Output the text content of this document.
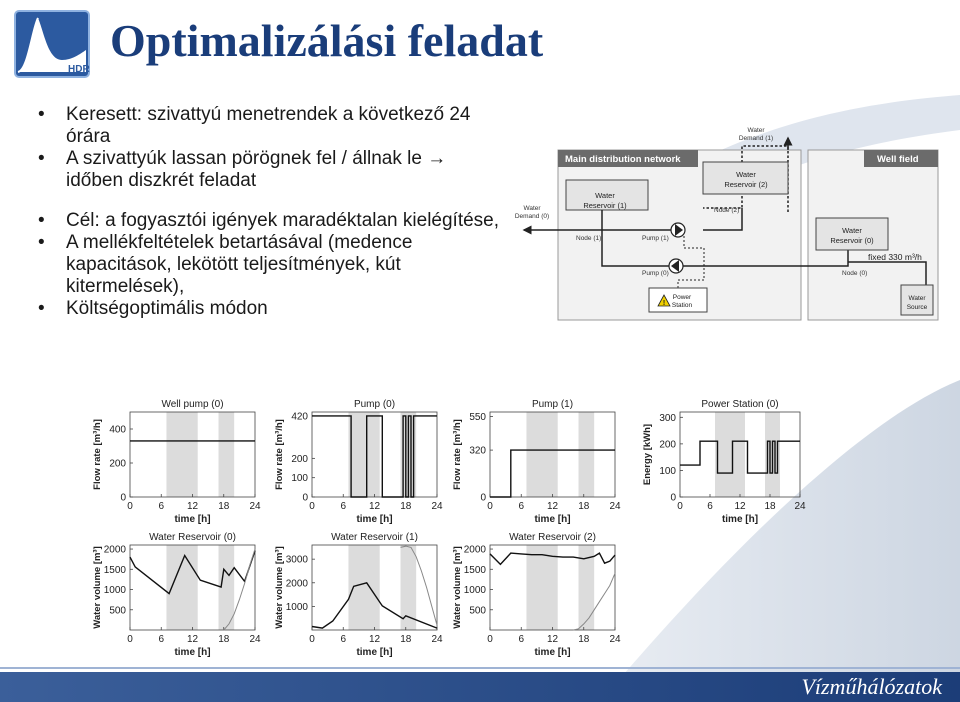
HDR
Optimalizálási feladat
• Keresett: szivattyú menetrendek a következő 24 órára
• A szivattyúk lassan pörögnek fel / állnak le → időben diszkrét feladat
• Cél: a fogyasztói igények maradéktalan kielégítése,
• A mellékfeltételek betartásával (medence kapacitások, lekötött teljesítmények, kút kitermelések),
• Költségoptimális módon
Main distribution network	Well field
Water
Demand (1)
Water
Reservoir (2)
Node (2)
Water
Reservoir (1)
Water
Demand (0)
Node (1)	Pump (1)
Pump (0)
!
Power
Station
Water
Reservoir (0)
Node (0)
fixed 330 m³/h
Water
Source
Well pump (0)
0	6 12 18 24
0
200
400
time [h]
Flow rate [m³/h]
Pump (0)
0	6 12 18 24
0
100
200
420
time [h]
Flow rate [m³/h]
Pump (1)
0	6 12 18 24
0
320
550
time [h]
Flow rate [m³/h]
Power Station (0)
0 6 12 18 24
0
100
200
300
time [h]
Energy [kWh]
Water Reservoir (0)
0	6 12 18 24
500
1000
1500
2000
time [h]
Water volume [m³]
Water Reservoir (1)
0	6 12 18 24
1000
2000
3000
time [h]
Water volume [m³]
Water Reservoir (2)
0	6 12 18 24
500
1000
1500
2000
time [h]
Water volume [m³]
Vízműhálózatok
